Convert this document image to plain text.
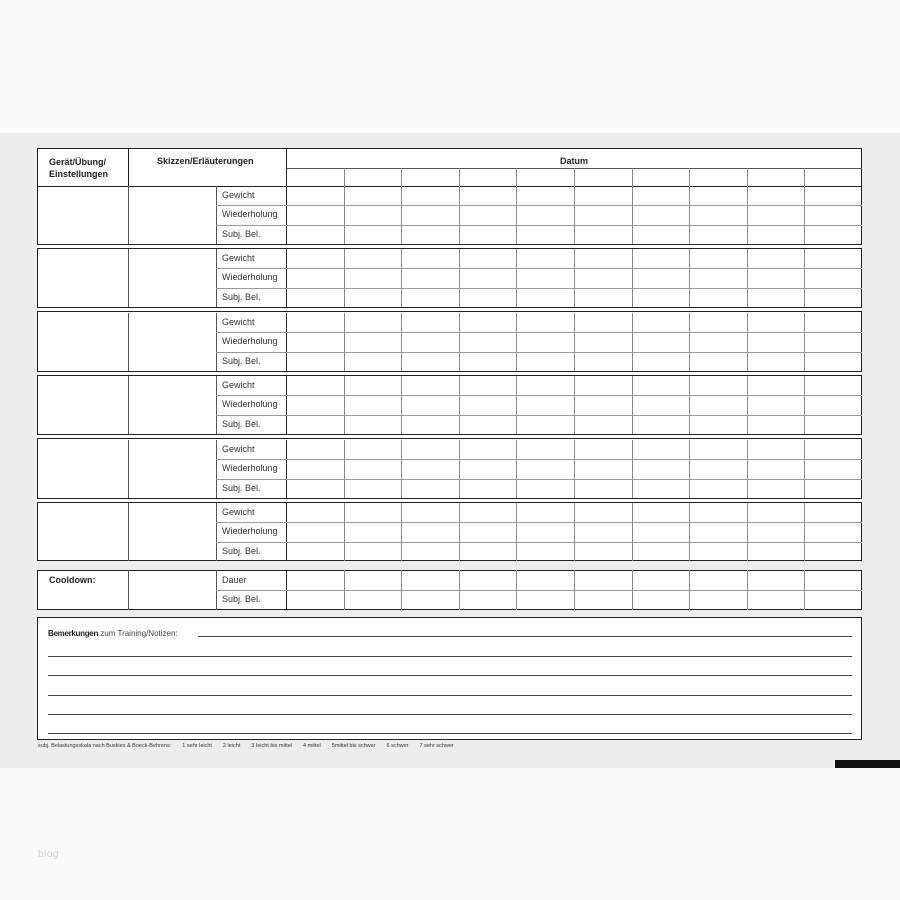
blog
Gerät/Übung/
Einstellungen
Skizzen/Erläuterungen	Datum
Cooldown:
Bemerkungen zum Training/Notizen:
subj. Belastungsskala nach Buskies & Boeck-Behrens: 1 sehr leicht 2 leicht 3 leicht bis mittel 4 mittel 5mittel bis schwer 6 schwer 7 sehr schwer
Gewicht
Wiederholung
Subj. Bel.
Gewicht
Wiederholung
Subj. Bel.
Gewicht
Wiederholung
Subj. Bel.
Gewicht
Wiederholung
Subj. Bel.
Gewicht
Wiederholung
Subj. Bel.
Gewicht
Wiederholung
Subj. Bel.
Dauer
Subj. Bel.
